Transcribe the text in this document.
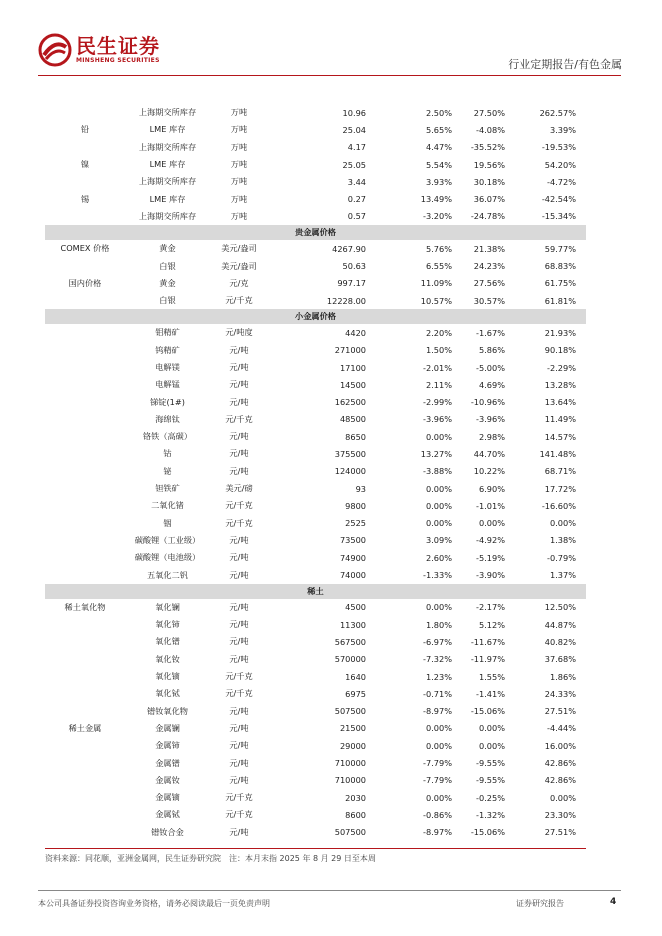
民生证券
MINSHENG SECURITIES	行业定期报告/有色金属
	上海期交所库存	万吨	10.96	2.50%	27.50%	262.57%
铅	LME 库存	万吨	25.04	5.65%	-4.08%	3.39%
	上海期交所库存	万吨	4.17	4.47%	-35.52%	-19.53%
镍	LME 库存	万吨	25.05	5.54%	19.56%	54.20%
	上海期交所库存	万吨	3.44	3.93%	30.18%	-4.72%
锡	LME 库存	万吨	0.27	13.49%	36.07%	-42.54%
	上海期交所库存	万吨	0.57	-3.20%	-24.78%	-15.34%
贵金属价格						
COMEX 价格	黄金	美元/盎司	4267.90	5.76%	21.38%	59.77%
	白银	美元/盎司	50.63	6.55%	24.23%	68.83%
国内价格	黄金	元/克	997.17	11.09%	27.56%	61.75%
	白银	元/千克	12228.00	10.57%	30.57%	61.81%
小金属价格						
	钼精矿	元/吨度	4420	2.20%	-1.67%	21.93%
	钨精矿	元/吨	271000	1.50%	5.86%	90.18%
	电解镁	元/吨	17100	-2.01%	-5.00%	-2.29%
	电解锰	元/吨	14500	2.11%	4.69%	13.28%
	锑锭(1#)	元/吨	162500	-2.99%	-10.96%	13.64%
	海绵钛	元/千克	48500	-3.96%	-3.96%	11.49%
	铬铁（高碳）	元/吨	8650	0.00%	2.98%	14.57%
	钴	元/吨	375500	13.27%	44.70%	141.48%
	铋	元/吨	124000	-3.88%	10.22%	68.71%
	钽铁矿	美元/磅	93	0.00%	6.90%	17.72%
	二氧化锗	元/千克	9800	0.00%	-1.01%	-16.60%
	铟	元/千克	2525	0.00%	0.00%	0.00%
	碳酸锂（工业级）	元/吨	73500	3.09%	-4.92%	1.38%
	碳酸锂（电池级）	元/吨	74900	2.60%	-5.19%	-0.79%
	五氧化二钒	元/吨	74000	-1.33%	-3.90%	1.37%
稀土						
稀土氧化物	氧化镧	元/吨	4500	0.00%	-2.17%	12.50%
	氧化铈	元/吨	11300	1.80%	5.12%	44.87%
	氧化镨	元/吨	567500	-6.97%	-11.67%	40.82%
	氧化钕	元/吨	570000	-7.32%	-11.97%	37.68%
	氧化镝	元/千克	1640	1.23%	1.55%	1.86%
	氧化铽	元/千克	6975	-0.71%	-1.41%	24.33%
	镨钕氧化物	元/吨	507500	-8.97%	-15.06%	27.51%
稀土金属	金属镧	元/吨	21500	0.00%	0.00%	-4.44%
	金属铈	元/吨	29000	0.00%	0.00%	16.00%
	金属镨	元/吨	710000	-7.79%	-9.55%	42.86%
	金属钕	元/吨	710000	-7.79%	-9.55%	42.86%
	金属镝	元/千克	2030	0.00%	-0.25%	0.00%
	金属铽	元/千克	8600	-0.86%	-1.32%	23.30%
	镨钕合金	元/吨	507500	-8.97%	-15.06%	27.51%
资料来源：同花顺，亚洲金属网，民生证券研究院　注：本月末指 2025 年 8 月 29 日至本周
本公司具备证券投资咨询业务资格，请务必阅读最后一页免责声明	证券研究报告	4
